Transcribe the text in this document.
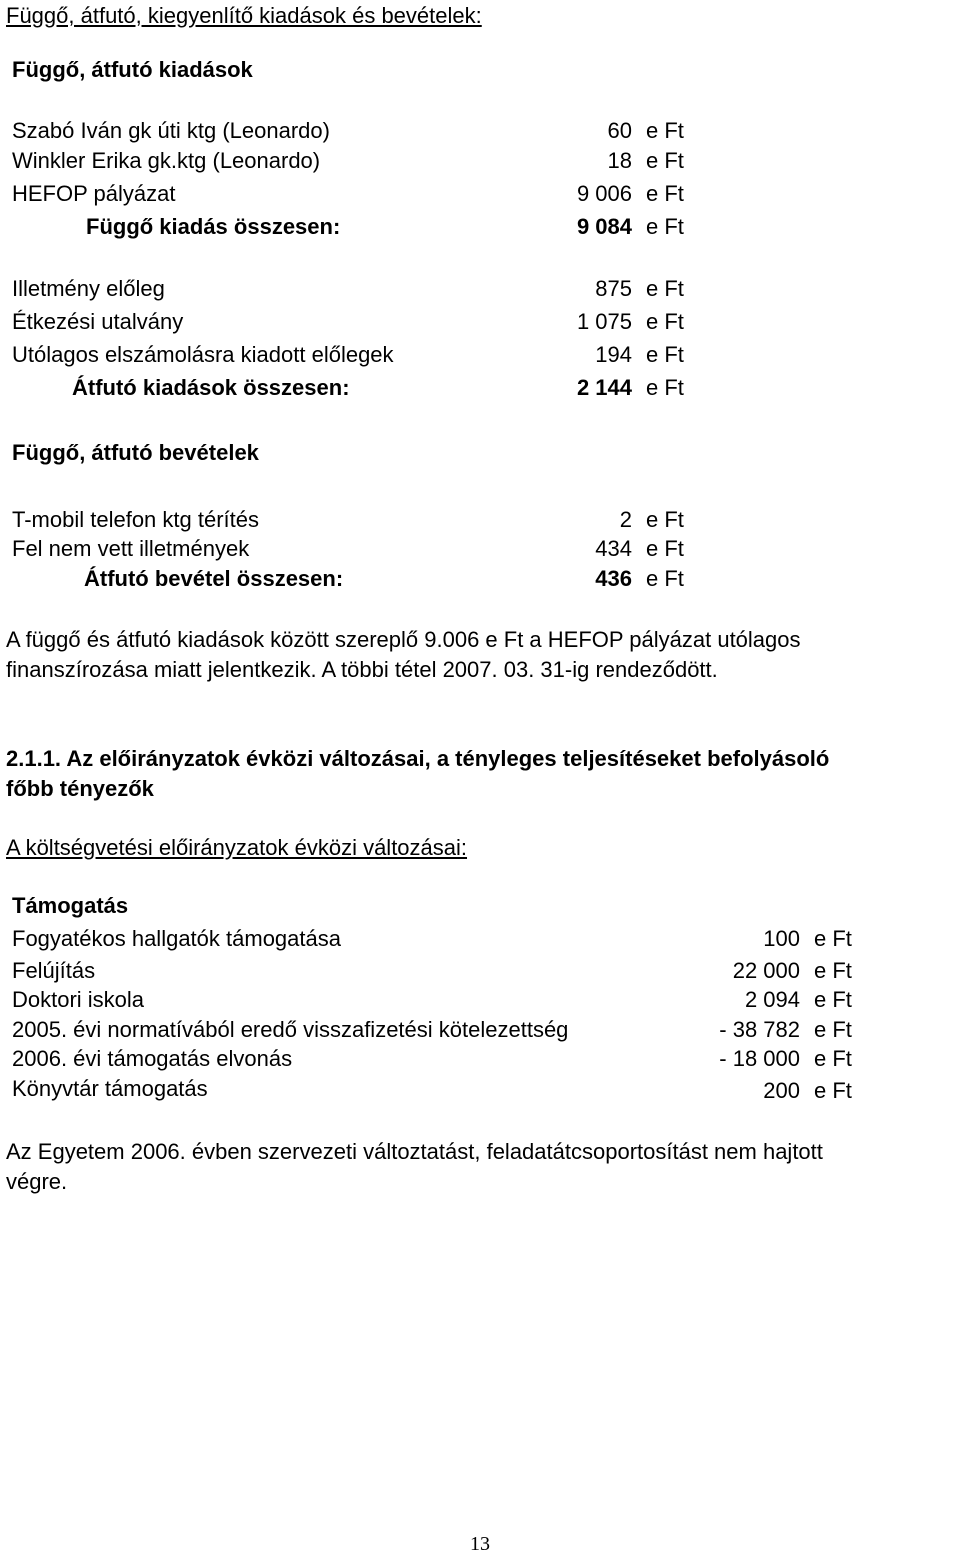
Függő, átfutó, kiegyenlítő kiadások és bevételek:
Függő, átfutó kiadások
Szabó Iván gk úti ktg (Leonardo)	60 e Ft
Winkler Erika gk.ktg (Leonardo)	18 e Ft
HEFOP pályázat	9 006 e Ft
Függő kiadás összesen:	9 084 e Ft
Illetmény előleg	875 e Ft
Étkezési utalvány	1 075 e Ft
Utólagos elszámolásra kiadott előlegek	194 e Ft
Átfutó kiadások összesen:	2 144 e Ft
Függő, átfutó bevételek
T-mobil telefon ktg térítés	2 e Ft
Fel nem vett illetmények	434 e Ft
Átfutó bevétel összesen:	436 e Ft
A függő és átfutó kiadások között szereplő 9.006 e Ft a HEFOP pályázat utólagos
finanszírozása miatt jelentkezik. A többi tétel 2007. 03. 31-ig rendeződött.
2.1.1. Az előirányzatok évközi változásai, a tényleges teljesítéseket befolyásoló
főbb tényezők
A költségvetési előirányzatok évközi változásai:
Támogatás
Fogyatékos hallgatók támogatása	100 e Ft
Felújítás	22 000 e Ft
Doktori iskola	2 094 e Ft
2005. évi normatívából eredő visszafizetési kötelezettség	- 38 782 e Ft
2006. évi támogatás elvonás	- 18 000 e Ft
Könyvtár támogatás	200 e Ft
Az Egyetem 2006. évben szervezeti változtatást, feladatátcsoportosítást nem hajtott
végre.
13
